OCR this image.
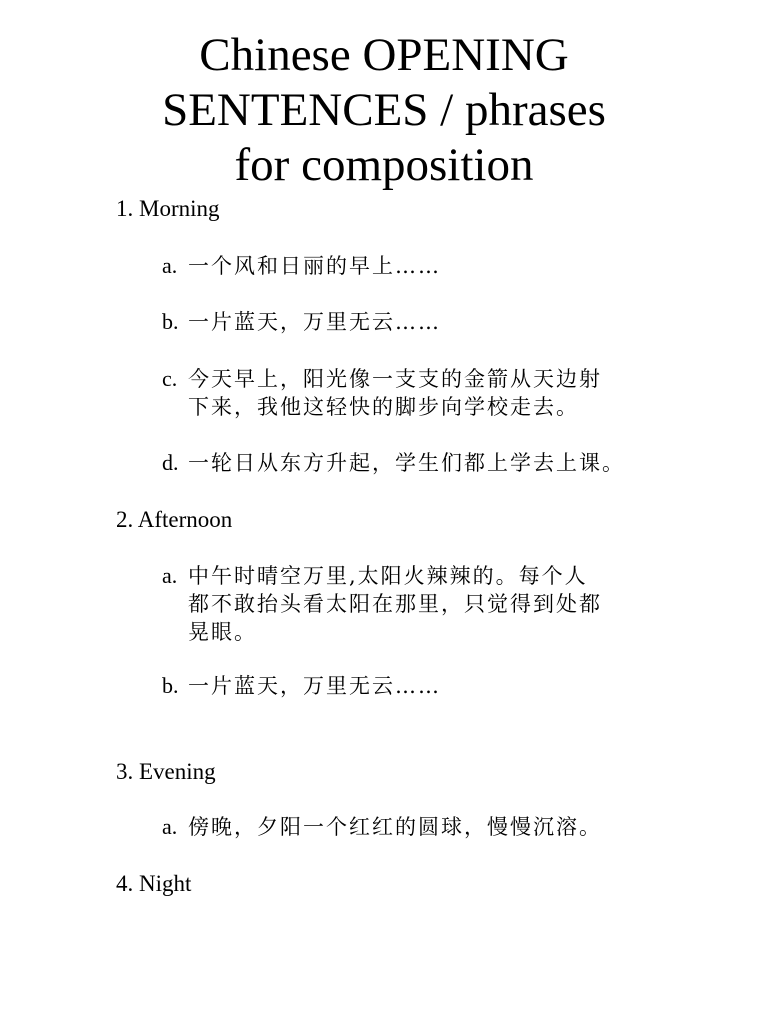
Chinese OPENING
SENTENCES / phrases
for composition
1. Morning
a. 一个风和日丽的早上……
b. 一片蓝天，万里无云……
c. 今天早上，阳光像一支支的金箭从天边射
下来，我他这轻快的脚步向学校走去。
d. 一轮日从东方升起，学生们都上学去上课。
2. Afternoon
a. 中午时晴空万里,太阳火辣辣的。每个人
都不敢抬头看太阳在那里，只觉得到处都
晃眼。
b. 一片蓝天，万里无云……
3. Evening
a. 傍晚，夕阳一个红红的圆球，慢慢沉溶。
4. Night
